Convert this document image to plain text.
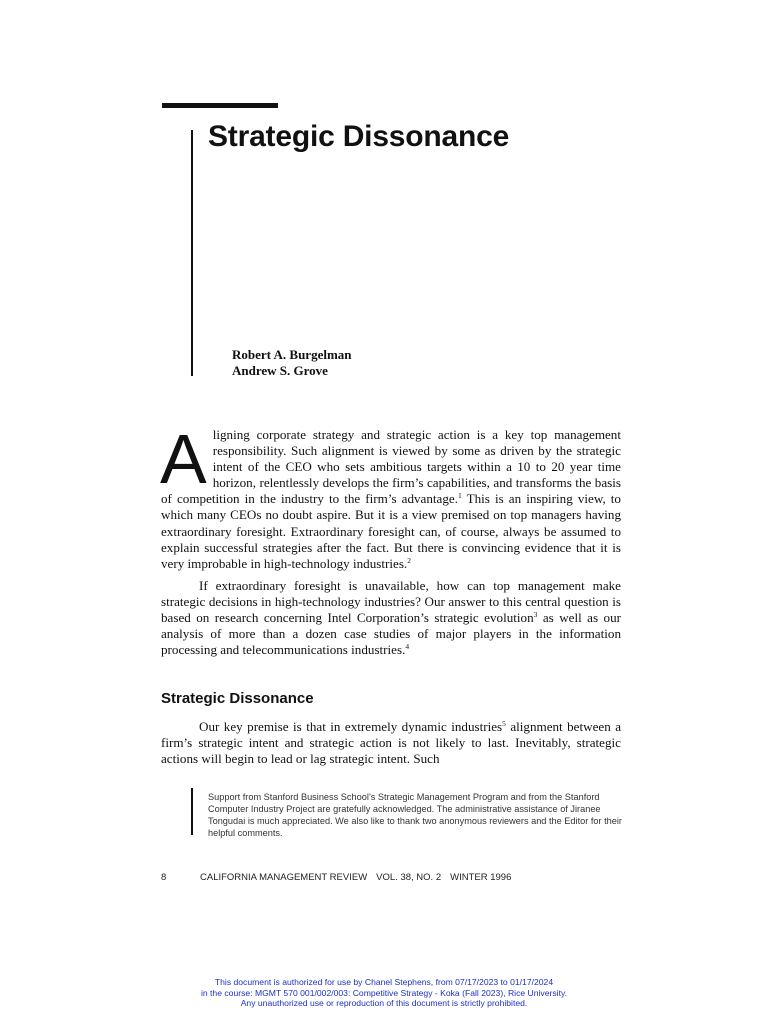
Strategic Dissonance
Robert A. Burgelman
Andrew S. Grove

Aligning corporate strategy and strategic action is a key top management responsibility. Such alignment is viewed by some as driven by the strategic intent of the CEO who sets ambitious targets within a 10 to 20 year time horizon, relentlessly develops the firm’s capabilities, and transforms the basis of competition in the industry to the firm’s advantage.$^1$ This is an inspiring view, to which many CEOs no doubt aspire. But it is a view premised on top managers having extraordinary foresight. Extraordinary foresight can, of course, always be assumed to explain successful strategies after the fact. But there is convincing evidence that it is very improbable in high-technology industries.$^2$

If extraordinary foresight is unavailable, how can top management make strategic decisions in high-technology industries? Our answer to this central question is based on research concerning Intel Corporation’s strategic evolution$^3$ as well as our analysis of more than a dozen case studies of major players in the information processing and telecommunications industries.$^4$

Strategic Dissonance

Our key premise is that in extremely dynamic industries$^5$ alignment between a firm’s strategic intent and strategic action is not likely to last. Inevitably, strategic actions will begin to lead or lag strategic intent. Such

Support from Stanford Business School’s Strategic Management Program and from the Stanford Computer Industry Project are gratefully acknowledged. The administrative assistance of Jiranee Tongudai is much appreciated. We also like to thank two anonymous reviewers and the Editor for their helpful comments.
8	CALIFORNIA MANAGEMENT REVIEW VOL. 38, NO. 2 WINTER 1996
This document is authorized for use by Chanel Stephens, from 07/17/2023 to 01/17/2024
in the course: MGMT 570 001/002/003: Competitive Strategy - Koka (Fall 2023), Rice University.
Any unauthorized use or reproduction of this document is strictly prohibited.
